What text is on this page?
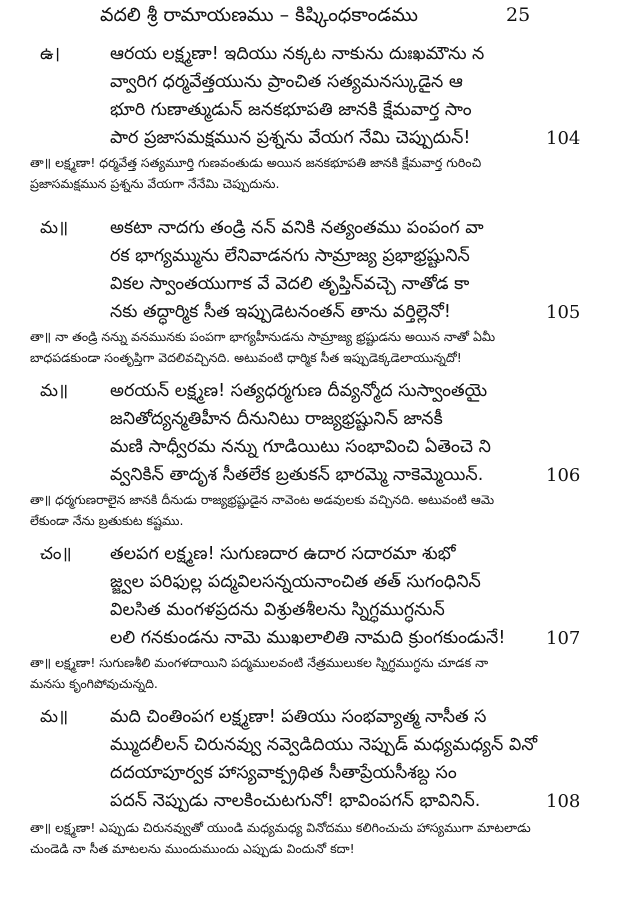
వదలి శ్రీ రామాయణము – కిష్కింధకాండము	25
ఉ।	ఆరయ లక్ష్మణా! ఇదియు నక్కట నాకును దుఃఖమౌను న
వ్వారిగ ధర్మవేత్తయును ప్రాంచిత సత్యమనస్కుడైన ఆ
భూరి గుణాత్ముడున్ జనకభూపతి జానకి క్షేమవార్త సాం
పార ప్రజాసమక్షమున ప్రశ్నను వేయగ నేమి చెప్పుదున్!	104
తా॥ లక్ష్మణా! ధర్మవేత్త సత్యమూర్తి గుణవంతుడు అయిన జనకభూపతి జానకి క్షేమవార్త గురించి
ప్రజాసమక్షమున ప్రశ్నను వేయగా నేనేమి చెప్పుదును.
మ॥ అకటా నాదగు తండ్రి నన్ వనికి నత్యంతము పంపంగ వా
రక భాగ్యమ్మును లేనివాడనగు సామ్రాజ్య ప్రభాభ్రష్టునిన్
వికల స్వాంతయుగాక వే వెదలి తృప్తిన్‌వచ్చె నాతోడ కా
నకు తద్ధార్మిక సీత ఇప్పుడెటనంతన్ తాను వర్తిల్లెనో!	105
తా॥ నా తండ్రి నన్ను వనమునకు పంపగా భాగ్యహీనుడను సామ్రాజ్య భ్రష్టుడను అయిన నాతో ఏమీ
బాధపడకుండా సంతృప్తిగా వెదలివచ్చినది. అటువంటి ధార్మిక సీత ఇప్పుడెక్కడెలాయున్నదో!
మ॥ అరయన్ లక్ష్మణ! సత్యధర్మగుణ దీవ్యన్మోద సుస్వాంతయై
జనితోద్యన్మతిహీన దీనునిటు రాజ్యభ్రష్టునిన్ జానకీ
మణి సాధ్వీరమ నన్ను గూడియిటు సంభావించి ఏతెంచె ని
వ్వనికిన్ తాదృశ సీతలేక బ్రతుకన్ భారమ్మె నాకెమ్మెయిన్.	106
తా॥ ధర్మగుణరాలైన జానకి దీనుడు రాజ్యభ్రష్టుడైన నావెంట అడవులకు వచ్చినది. అటువంటి ఆమె
లేకుండా నేను బ్రతుకుట కష్టము.
చం॥ తలపగ లక్ష్మణ! సుగుణదార ఉదార సదారమా శుభో
జ్జ్వల పరిఫుల్ల పద్మవిలసన్నయనాంచిత తత్ సుగంధినిన్
విలసిత మంగళప్రదను విశ్రుతశీలను స్నిగ్ధముగ్ధనున్
లలి గనకుండను నామె ముఖలాలితి నామది క్రుంగకుండునే! 107
తా॥ లక్ష్మణా! సుగుణశీలి మంగళదాయిని పద్మములవంటి నేత్రములుకల స్నిగ్ధముగ్ధను చూడక నా
మనసు కృంగిపోవుచున్నది.
మ॥ మది చింతింపగ లక్ష్మణా! పతియు సంభవ్యాత్మ నాసీత స
మ్ముదలీలన్ చిరునవ్వు నవ్వెడిదియు నెప్పుడ్ మధ్యమధ్యన్ వినో
దదయాపూర్వక హాస్యవాక్ప్రథిత సీతాప్రేయసీశబ్ద సం
పదన్ నెప్పుడు నాలకించుటగునో! భావింపగన్ భావినిన్.	108
తా॥ లక్ష్మణా! ఎప్పుడు చిరునవ్వుతో యుండి మధ్యమధ్య వినోదము కలిగించుచు హాస్యముగా మాటలాడు
చుండెడి నా సీత మాటలను ముందుముందు ఎప్పుడు విందునో కదా!
